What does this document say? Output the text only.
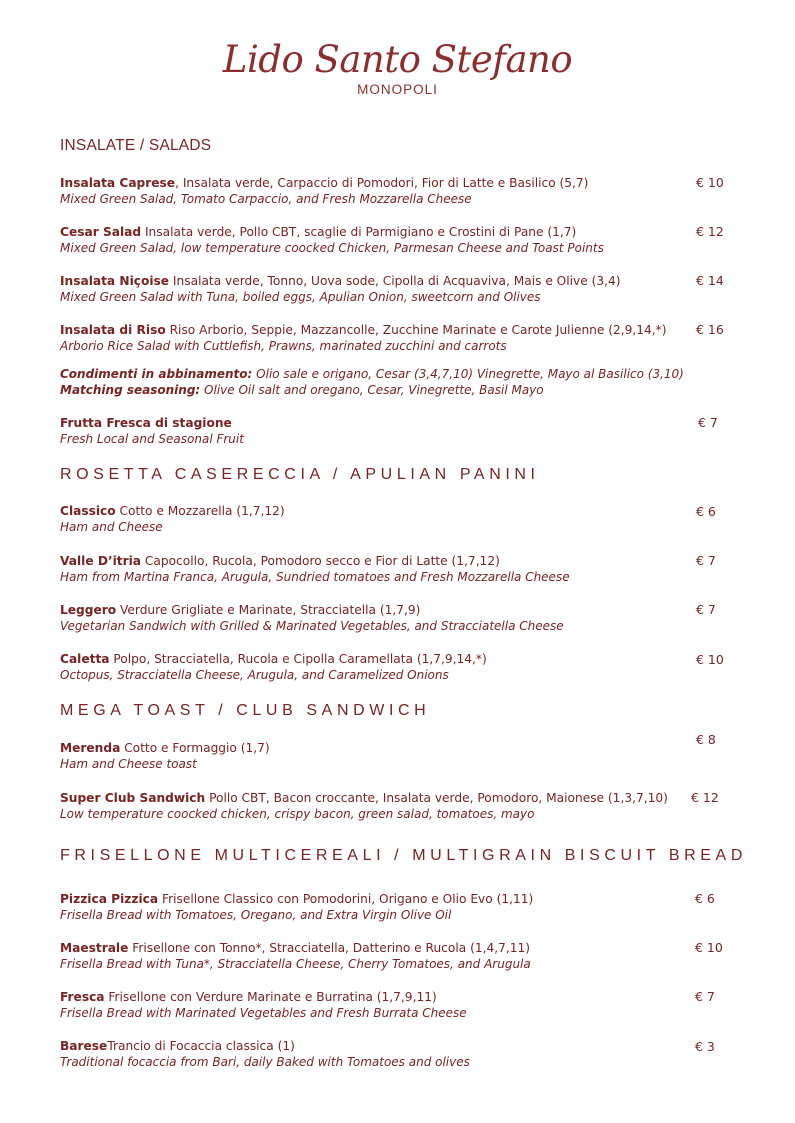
Lido Santo Stefano
MONOPOLI
INSALATE / SALADS
Insalata Caprese, Insalata verde, Carpaccio di Pomodori, Fior di Latte e Basilico (5,7)
Mixed Green Salad, Tomato Carpaccio, and Fresh Mozzarella Cheese
€ 10
Cesar Salad Insalata verde, Pollo CBT, scaglie di Parmigiano e Crostini di Pane (1,7)
Mixed Green Salad, low temperature coocked Chicken, Parmesan Cheese and Toast Points
€ 12
Insalata Niçoise Insalata verde, Tonno, Uova sode, Cipolla di Acquaviva, Mais e Olive (3,4)
Mixed Green Salad with Tuna, boiled eggs, Apulian Onion, sweetcorn and Olives
€ 14
Insalata di Riso Riso Arborio, Seppie, Mazzancolle, Zucchine Marinate e Carote Julienne (2,9,14,*)
Arborio Rice Salad with Cuttlefish, Prawns, marinated zucchini and carrots
€ 16
Condimenti in abbinamento: Olio sale e origano, Cesar (3,4,7,10) Vinegrette, Mayo al Basilico (3,10)
Matching seasoning: Olive Oil salt and oregano, Cesar, Vinegrette, Basil Mayo
Frutta Fresca di stagione
Fresh Local and Seasonal Fruit
€ 7
ROSETTA CASERECCIA / APULIAN PANINI
Classico Cotto e Mozzarella (1,7,12)
Ham and Cheese
€ 6
Valle D’itria Capocollo, Rucola, Pomodoro secco e Fior di Latte (1,7,12)
Ham from Martina Franca, Arugula, Sundried tomatoes and Fresh Mozzarella Cheese
€ 7
Leggero Verdure Grigliate e Marinate, Stracciatella (1,7,9)
Vegetarian Sandwich with Grilled & Marinated Vegetables, and Stracciatella Cheese
€ 7
Caletta Polpo, Stracciatella, Rucola e Cipolla Caramellata (1,7,9,14,*)
Octopus, Stracciatella Cheese, Arugula, and Caramelized Onions
€ 10
MEGA TOAST / CLUB SANDWICH
Merenda Cotto e Formaggio (1,7)
Ham and Cheese toast
€ 8
Super Club Sandwich Pollo CBT, Bacon croccante, Insalata verde, Pomodoro, Maionese (1,3,7,10)
Low temperature coocked chicken, crispy bacon, green salad, tomatoes, mayo
€ 12
FRISELLONE MULTICEREALI / MULTIGRAIN BISCUIT BREAD
Pizzica Pizzica Frisellone Classico con Pomodorini, Origano e Olio Evo (1,11)
Frisella Bread with Tomatoes, Oregano, and Extra Virgin Olive Oil
€ 6
Maestrale Frisellone con Tonno*, Stracciatella, Datterino e Rucola (1,4,7,11)
Frisella Bread with Tuna*, Stracciatella Cheese, Cherry Tomatoes, and Arugula
€ 10
Fresca Frisellone con Verdure Marinate e Burratina (1,7,9,11)
Frisella Bread with Marinated Vegetables and Fresh Burrata Cheese
€ 7
BareseTrancio di Focaccia classica (1)
Traditional focaccia from Bari, daily Baked with Tomatoes and olives
€ 3
